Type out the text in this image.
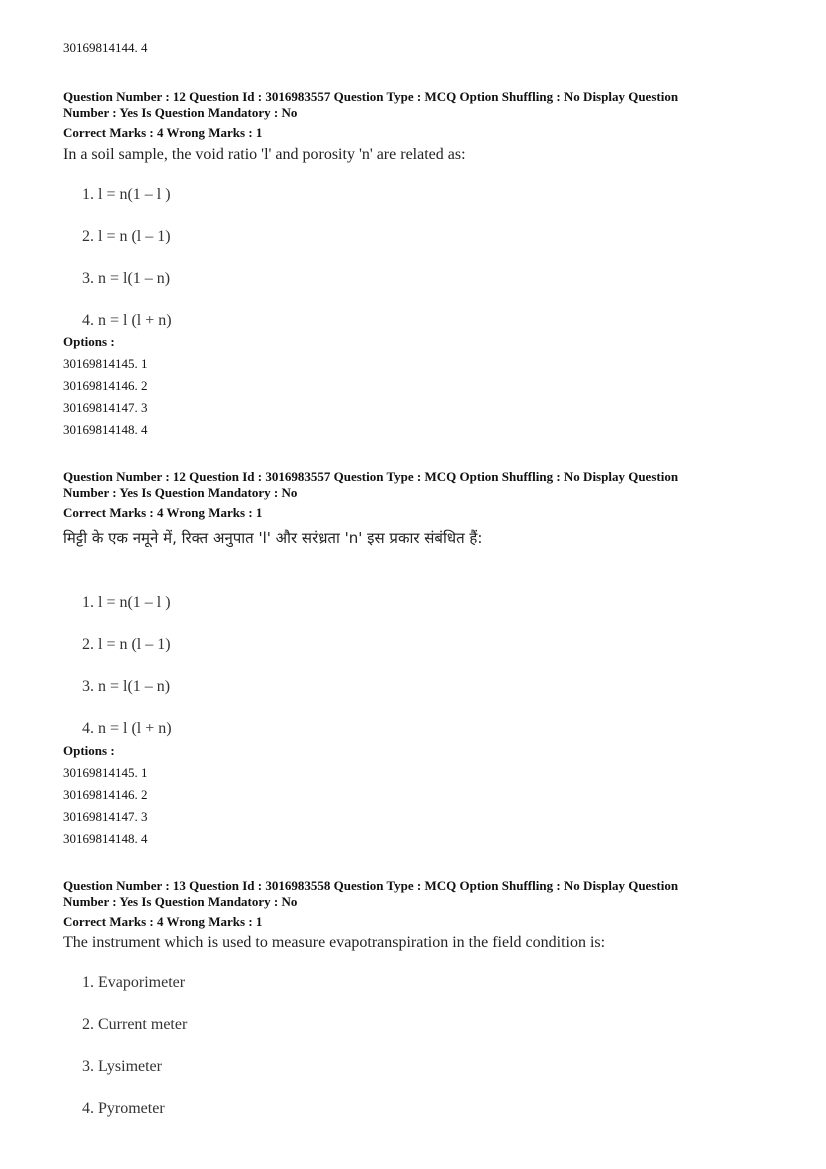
30169814144. 4
Question Number : 12 Question Id : 3016983557 Question Type : MCQ Option Shuffling : No Display Question
Number : Yes Is Question Mandatory : No
Correct Marks : 4 Wrong Marks : 1
In a soil sample, the void ratio 'l' and porosity 'n' are related as:
1. l = n(1 – l )
2. l = n (l – 1)
3. n = l(1 – n)
4. n = l (l + n)
Options :
30169814145. 1
30169814146. 2
30169814147. 3
30169814148. 4
Question Number : 12 Question Id : 3016983557 Question Type : MCQ Option Shuffling : No Display Question
Number : Yes Is Question Mandatory : No
Correct Marks : 4 Wrong Marks : 1
मिट्टी के एक नमूने में, रिक्त अनुपात 'l' और सरंध्रता 'n' इस प्रकार संबंधित हैं:
1. l = n(1 – l )
2. l = n (l – 1)
3. n = l(1 – n)
4. n = l (l + n)
Options :
30169814145. 1
30169814146. 2
30169814147. 3
30169814148. 4
Question Number : 13 Question Id : 3016983558 Question Type : MCQ Option Shuffling : No Display Question
Number : Yes Is Question Mandatory : No
Correct Marks : 4 Wrong Marks : 1
The instrument which is used to measure evapotranspiration in the field condition is:
1. Evaporimeter
2. Current meter
3. Lysimeter
4. Pyrometer
